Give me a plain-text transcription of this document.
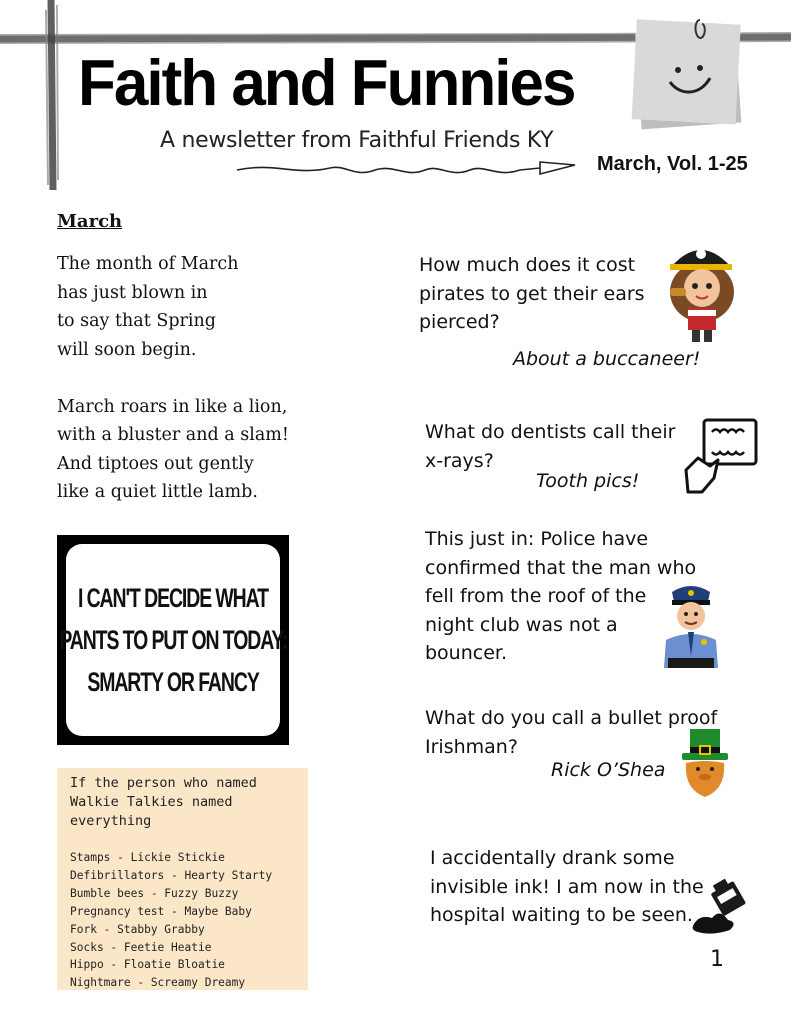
Faith and Funnies
A newsletter from Faithful Friends KY
March, Vol. 1-25
March
The month of March
has just blown in
to say that Spring
will soon begin.
March roars in like a lion,
with a bluster and a slam!
And tiptoes out gently
like a quiet little lamb.
I CAN'T DECIDE WHAT
PANTS TO PUT ON TODAY:
SMARTY OR FANCY
If the person who named
Walkie Talkies named
everything
Stamps - Lickie Stickie
Defibrillators - Hearty Starty
Bumble bees - Fuzzy Buzzy
Pregnancy test - Maybe Baby
Fork - Stabby Grabby
Socks - Feetie Heatie
Hippo - Floatie Bloatie
Nightmare - Screamy Dreamy
How much does it cost
pirates to get their ears
pierced?
About a buccaneer!
What do dentists call their
x-rays?
Tooth pics!
This just in: Police have
confirmed that the man who
fell from the roof of the
night club was not a
bouncer.
What do you call a bullet proof
Irishman?
Rick O’Shea
I accidentally drank some
invisible ink! I am now in the
hospital waiting to be seen.
1
